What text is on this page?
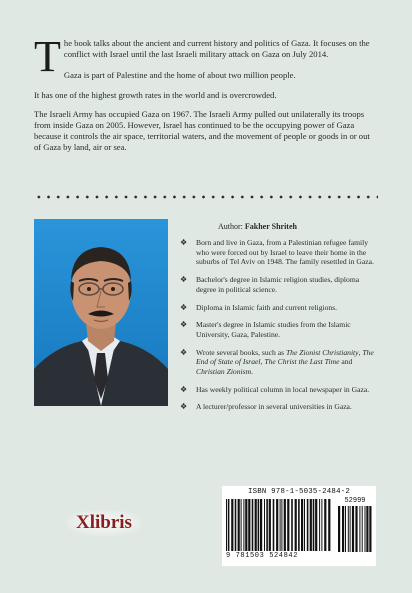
The book talks about the ancient and current history and politics of Gaza. It focuses on the conflict with Israel until the last Israeli military attack on Gaza on July 2014.

Gaza is part of Palestine and the home of about two million people.

It has one of the highest growth rates in the world and is overcrowded.

The Israeli Army has occupied Gaza on 1967. The Israeli Army pulled out unilaterally its troops from inside Gaza on 2005. However, Israel has continued to be the occupying power of Gaza because it controls the air space, territorial waters, and the movement of people or goods in or out of Gaza by land, air or sea.

Author: Fakher Shriteh
❖ Born and live in Gaza, from a Palestinian refugee family who were forced out by Israel to leave their home in the suburbs of Tel Aviv on 1948. The family resettled in Gaza.
❖ Bachelor's degree in Islamic religion studies, diploma degree in political science.
❖ Diploma in Islamic faith and current religions.
❖ Master's degree in Islamic studies from the Islamic University, Gaza, Palestine.
❖ Wrote several books, such as The Zionist Christianity, The End of State of Israel, The Christ the Last Time and Christian Zionism.
❖ Has weekly political column in local newspaper in Gaza.
❖ A lecturer/professor in several universities in Gaza.
Xlibris
ISBN 978-1-5035-2484-2
52999
9 781503 524842
